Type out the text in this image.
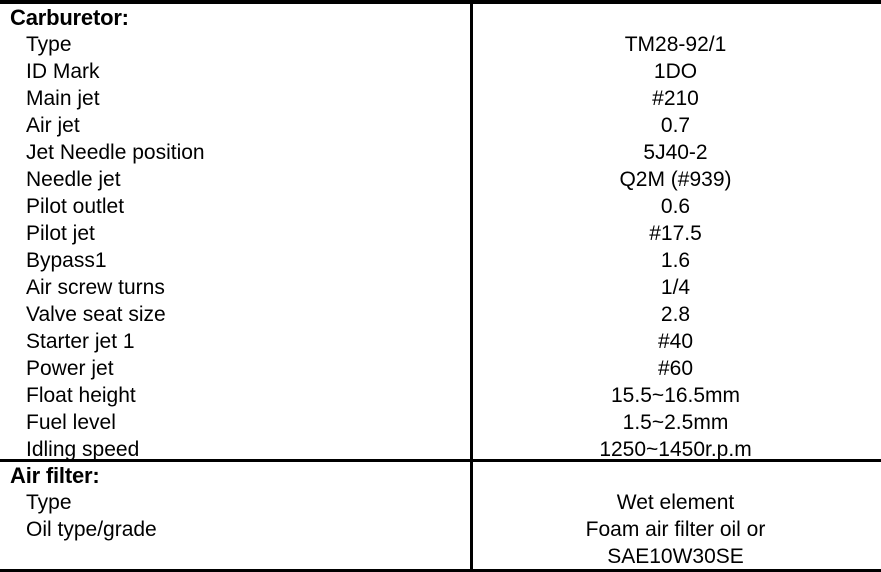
Carburetor:
Type	TM28-92/1
ID Mark	1DO
Main jet	#210
Air jet	0.7
Jet Needle position	5J40-2
Needle jet	Q2M (#939)
Pilot outlet	0.6
Pilot jet	#17.5
Bypass1	1.6
Air screw turns	1/4
Valve seat size	2.8
Starter jet 1	#40
Power jet	#60
Float height	15.5~16.5mm
Fuel level	1.5~2.5mm
Idling speed	1250~1450r.p.m
Air filter:
Type	Wet element
Oil type/grade	Foam air filter oil or
SAE10W30SE
